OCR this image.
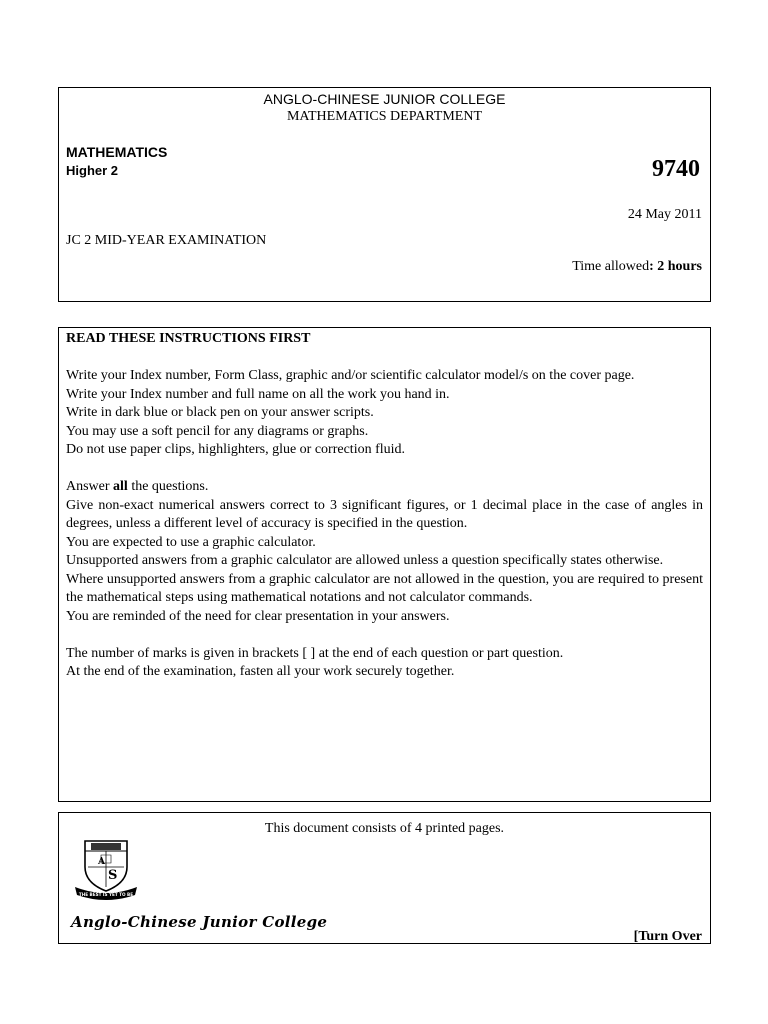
ANGLO-CHINESE JUNIOR COLLEGE
MATHEMATICS DEPARTMENT
MATHEMATICS
Higher 2	9740
24 May 2011
JC 2 MID-YEAR EXAMINATION
Time allowed: 2 hours
READ THESE INSTRUCTIONS FIRST

Write your Index number, Form Class, graphic and/or scientific calculator model/s on the cover page.

Write your Index number and full name on all the work you hand in.

Write in dark blue or black pen on your answer scripts.

You may use a soft pencil for any diagrams or graphs.

Do not use paper clips, highlighters, glue or correction fluid.

Answer all the questions.

Give non-exact numerical answers correct to 3 significant figures, or 1 decimal place in the case of angles in degrees, unless a different level of accuracy is specified in the question.

You are expected to use a graphic calculator.

Unsupported answers from a graphic calculator are allowed unless a question specifically states otherwise.

Where unsupported answers from a graphic calculator are not allowed in the question, you are required to present the mathematical steps using mathematical notations and not calculator commands.

You are reminded of the need for clear presentation in your answers.

The number of marks is given in brackets [ ] at the end of each question or part question.

At the end of the examination, fasten all your work securely together.

This document consists of 4 printed pages.
A
S
THE BEST IS YET TO BE
Anglo-Chinese Junior College
[Turn Over
